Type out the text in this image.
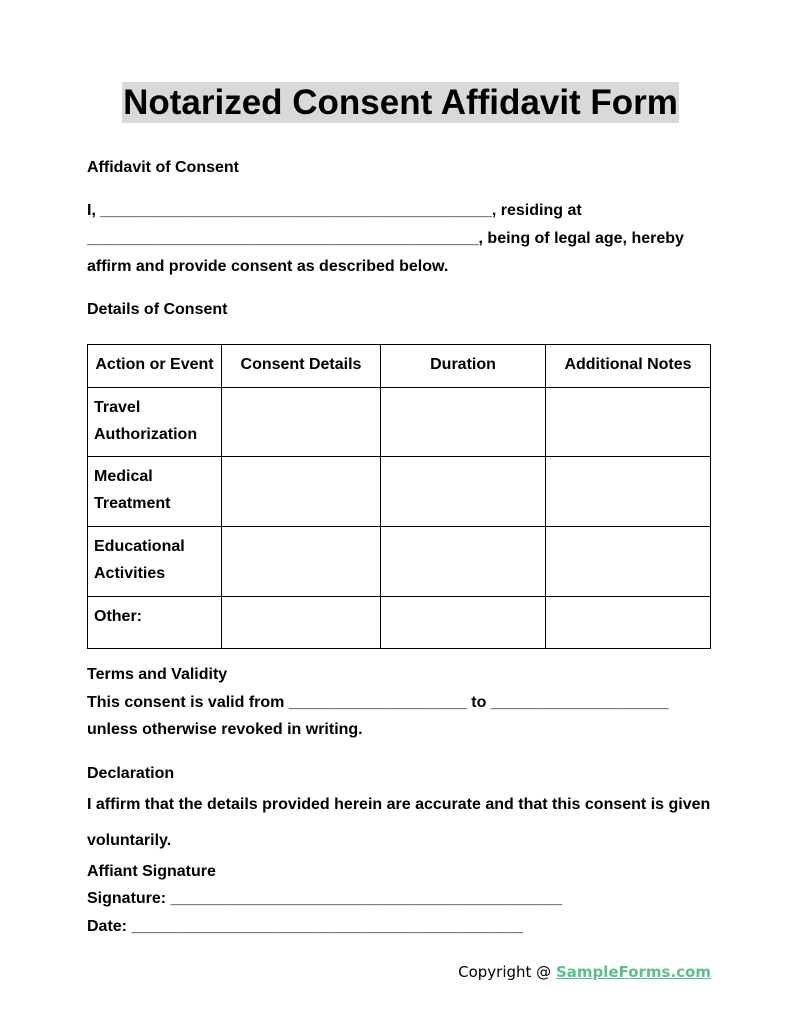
Notarized Consent Affidavit Form
Affidavit of Consent
I, ____________________________________________, residing at
____________________________________________, being of legal age, hereby
affirm and provide consent as described below.
Details of Consent
Action or Event	Consent Details	Duration	Additional Notes
Travel Authorization			
Medical Treatment			
Educational Activities			
Other:			
Terms and Validity
This consent is valid from ____________________ to ____________________
unless otherwise revoked in writing.
Declaration
I affirm that the details provided herein are accurate and that this consent is given voluntarily.
Affiant Signature
Signature: ____________________________________________
Date: ____________________________________________
Copyright @ SampleForms.com
